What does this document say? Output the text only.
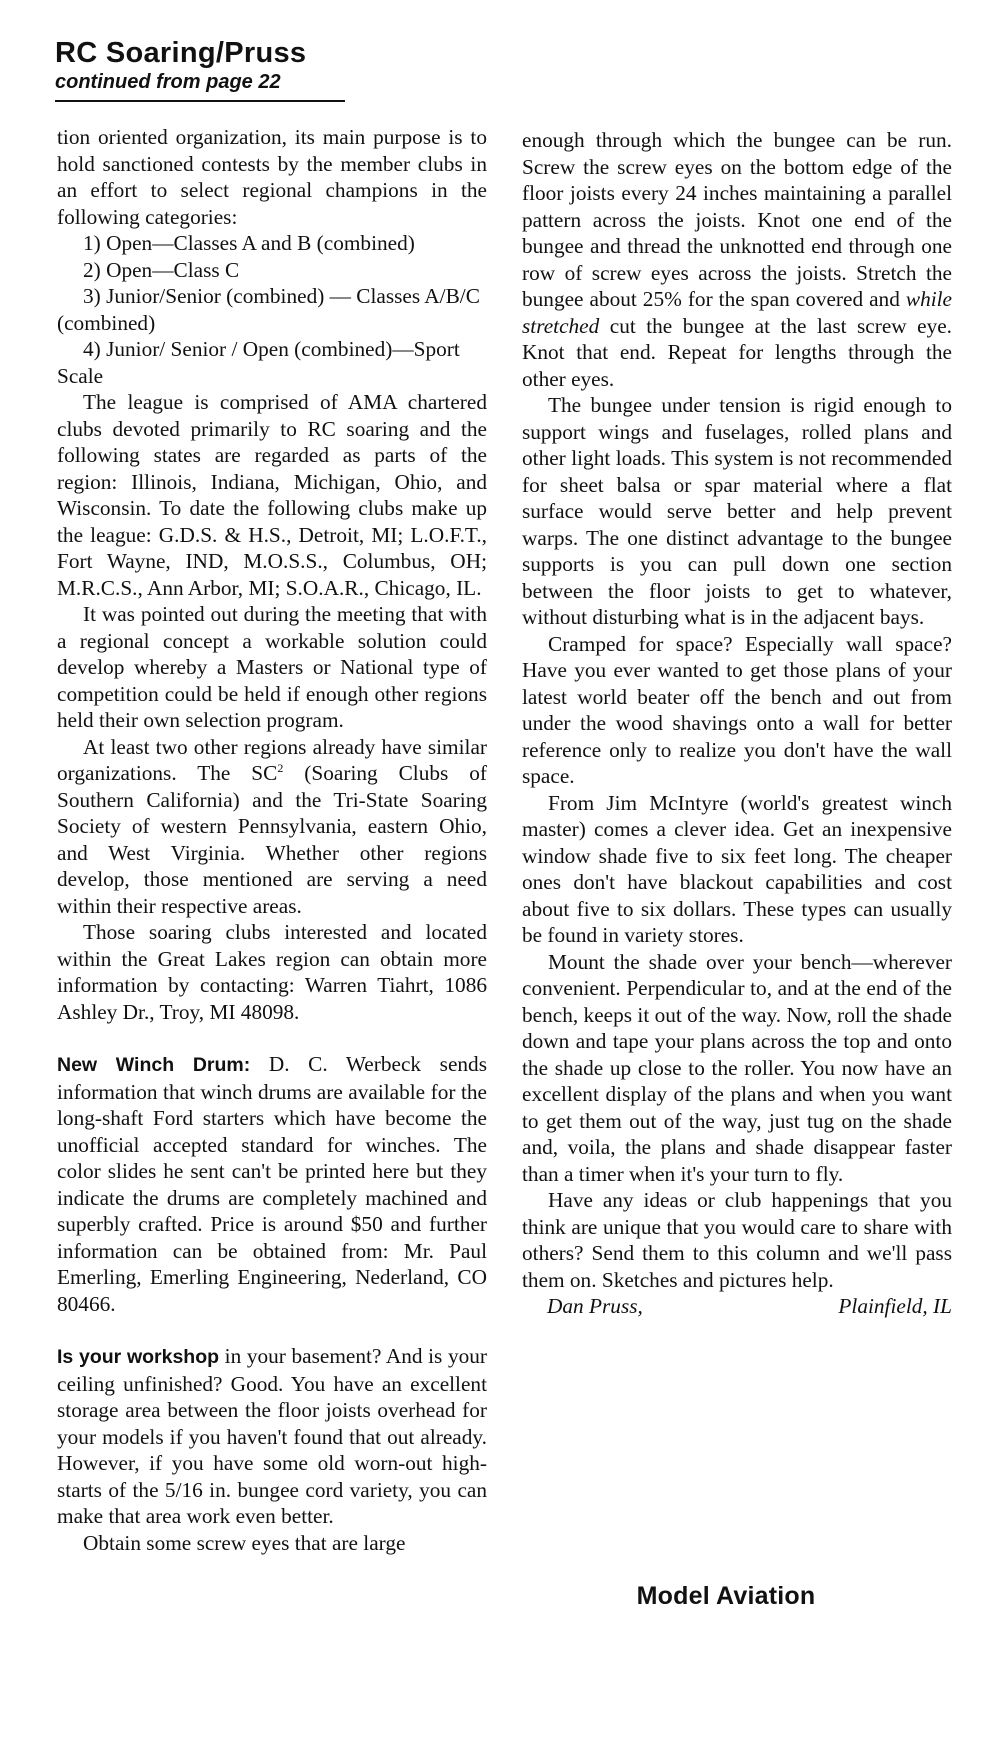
RC Soaring/Pruss
continued from page 22

tion oriented organization, its main purpose is to hold sanctioned contests by the member clubs in an effort to select regional champions in the following categories:

1) Open—Classes A and B (combined)

2) Open—Class C

3) Junior/Senior (combined) — Classes A/B/C (combined)

4) Junior/ Senior / Open (combined)—Sport Scale

The league is comprised of AMA chartered clubs devoted primarily to RC soaring and the following states are regarded as parts of the region: Illinois, Indiana, Michigan, Ohio, and Wisconsin. To date the following clubs make up the league: G.D.S. & H.S., Detroit, MI; L.O.F.T., Fort Wayne, IND, M.O.S.S., Columbus, OH; M.R.C.S., Ann Arbor, MI; S.O.A.R., Chicago, IL.

It was pointed out during the meeting that with a regional concept a workable solution could develop whereby a Masters or National type of competition could be held if enough other regions held their own selection program.

At least two other regions already have similar organizations. The $SC^2$ (Soaring Clubs of Southern California) and the Tri-State Soaring Society of western Pennsylvania, eastern Ohio, and West Virginia. Whether other regions develop, those mentioned are serving a need within their respective areas.

Those soaring clubs interested and located within the Great Lakes region can obtain more information by contacting: Warren Tiahrt, 1086 Ashley Dr., Troy, MI 48098.

New Winch Drum: D. C. Werbeck sends information that winch drums are available for the long-shaft Ford starters which have become the unofficial accepted standard for winches. The color slides he sent can't be printed here but they indicate the drums are completely machined and superbly crafted. Price is around $50 and further information can be obtained from: Mr. Paul Emerling, Emerling Engineering, Nederland, CO 80466.

Is your workshop in your basement? And is your ceiling unfinished? Good. You have an excellent storage area between the floor joists overhead for your models if you haven't found that out already. However, if you have some old worn-out high-starts of the 5/16 in. bungee cord variety, you can make that area work even better.

Obtain some screw eyes that are large

enough through which the bungee can be run. Screw the screw eyes on the bottom edge of the floor joists every 24 inches maintaining a parallel pattern across the joists. Knot one end of the bungee and thread the unknotted end through one row of screw eyes across the joists. Stretch the bungee about 25% for the span covered and while stretched cut the bungee at the last screw eye. Knot that end. Repeat for lengths through the other eyes.

The bungee under tension is rigid enough to support wings and fuselages, rolled plans and other light loads. This system is not recommended for sheet balsa or spar material where a flat surface would serve better and help prevent warps. The one distinct advantage to the bungee supports is you can pull down one section between the floor joists to get to whatever, without disturbing what is in the adjacent bays.

Cramped for space? Especially wall space? Have you ever wanted to get those plans of your latest world beater off the bench and out from under the wood shavings onto a wall for better reference only to realize you don't have the wall space.

From Jim McIntyre (world's greatest winch master) comes a clever idea. Get an inexpensive window shade five to six feet long. The cheaper ones don't have blackout capabilities and cost about five to six dollars. These types can usually be found in variety stores.

Mount the shade over your bench—wherever convenient. Perpendicular to, and at the end of the bench, keeps it out of the way. Now, roll the shade down and tape your plans across the top and onto the shade up close to the roller. You now have an excellent display of the plans and when you want to get them out of the way, just tug on the shade and, voila, the plans and shade disappear faster than a timer when it's your turn to fly.

Have any ideas or club happenings that you think are unique that you would care to share with others? Send them to this column and we'll pass them on. Sketches and pictures help.

Dan Pruss,	Plainfield, IL

Model Aviation
